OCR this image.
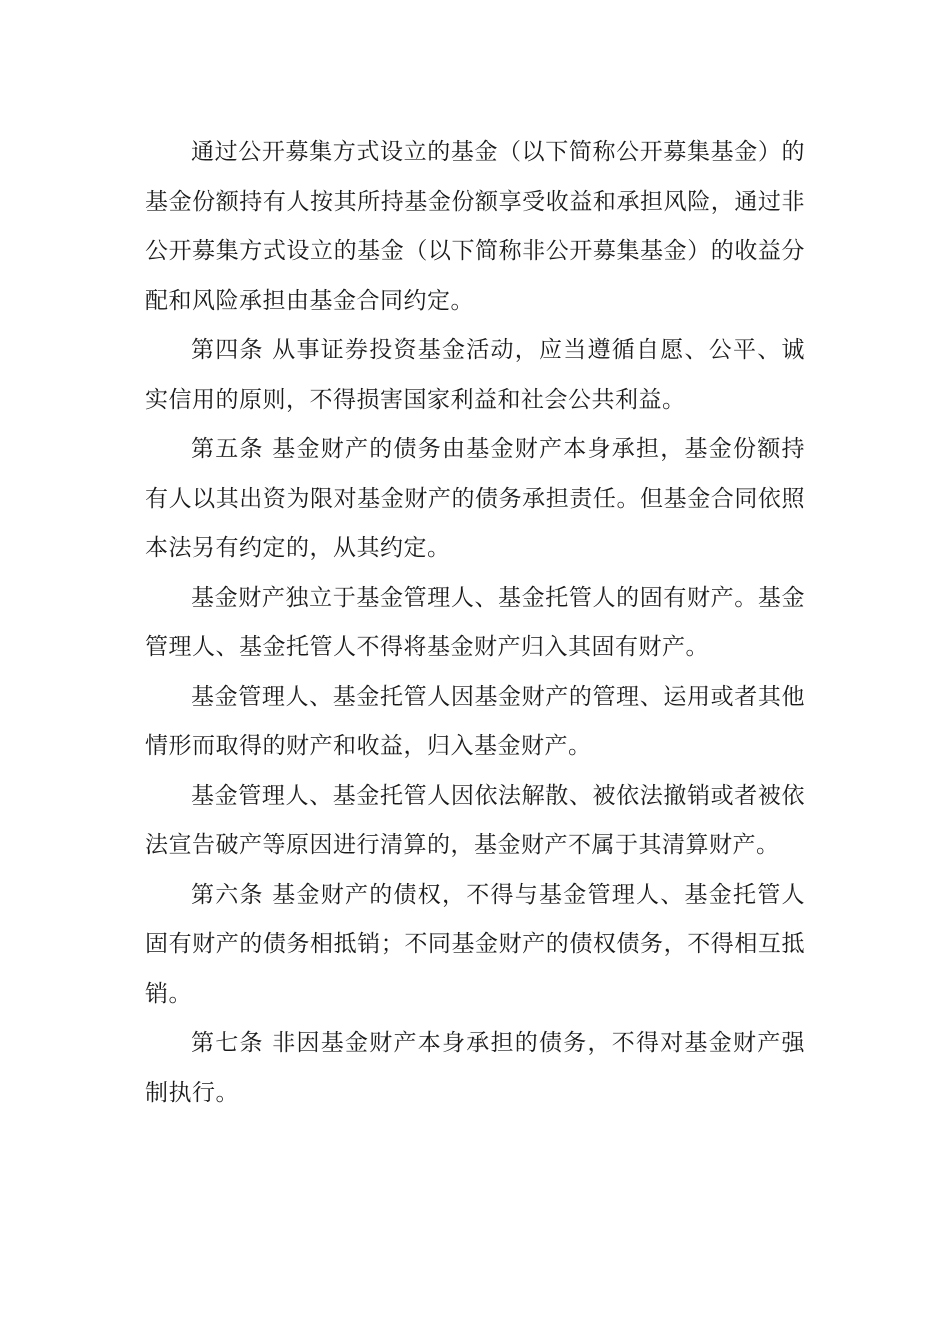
通过公开募集方式设立的基金（以下简称公开募集基金）的基金份额持有人按其所持基金份额享受收益和承担风险，通过非公开募集方式设立的基金（以下简称非公开募集基金）的收益分配和风险承担由基金合同约定。

第四条 从事证券投资基金活动，应当遵循自愿、公平、诚实信用的原则，不得损害国家利益和社会公共利益。

第五条 基金财产的债务由基金财产本身承担，基金份额持有人以其出资为限对基金财产的债务承担责任。但基金合同依照本法另有约定的，从其约定。

基金财产独立于基金管理人、基金托管人的固有财产。基金管理人、基金托管人不得将基金财产归入其固有财产。

基金管理人、基金托管人因基金财产的管理、运用或者其他情形而取得的财产和收益，归入基金财产。

基金管理人、基金托管人因依法解散、被依法撤销或者被依法宣告破产等原因进行清算的，基金财产不属于其清算财产。

第六条 基金财产的债权，不得与基金管理人、基金托管人固有财产的债务相抵销；不同基金财产的债权债务，不得相互抵销。

第七条 非因基金财产本身承担的债务，不得对基金财产强制执行。
